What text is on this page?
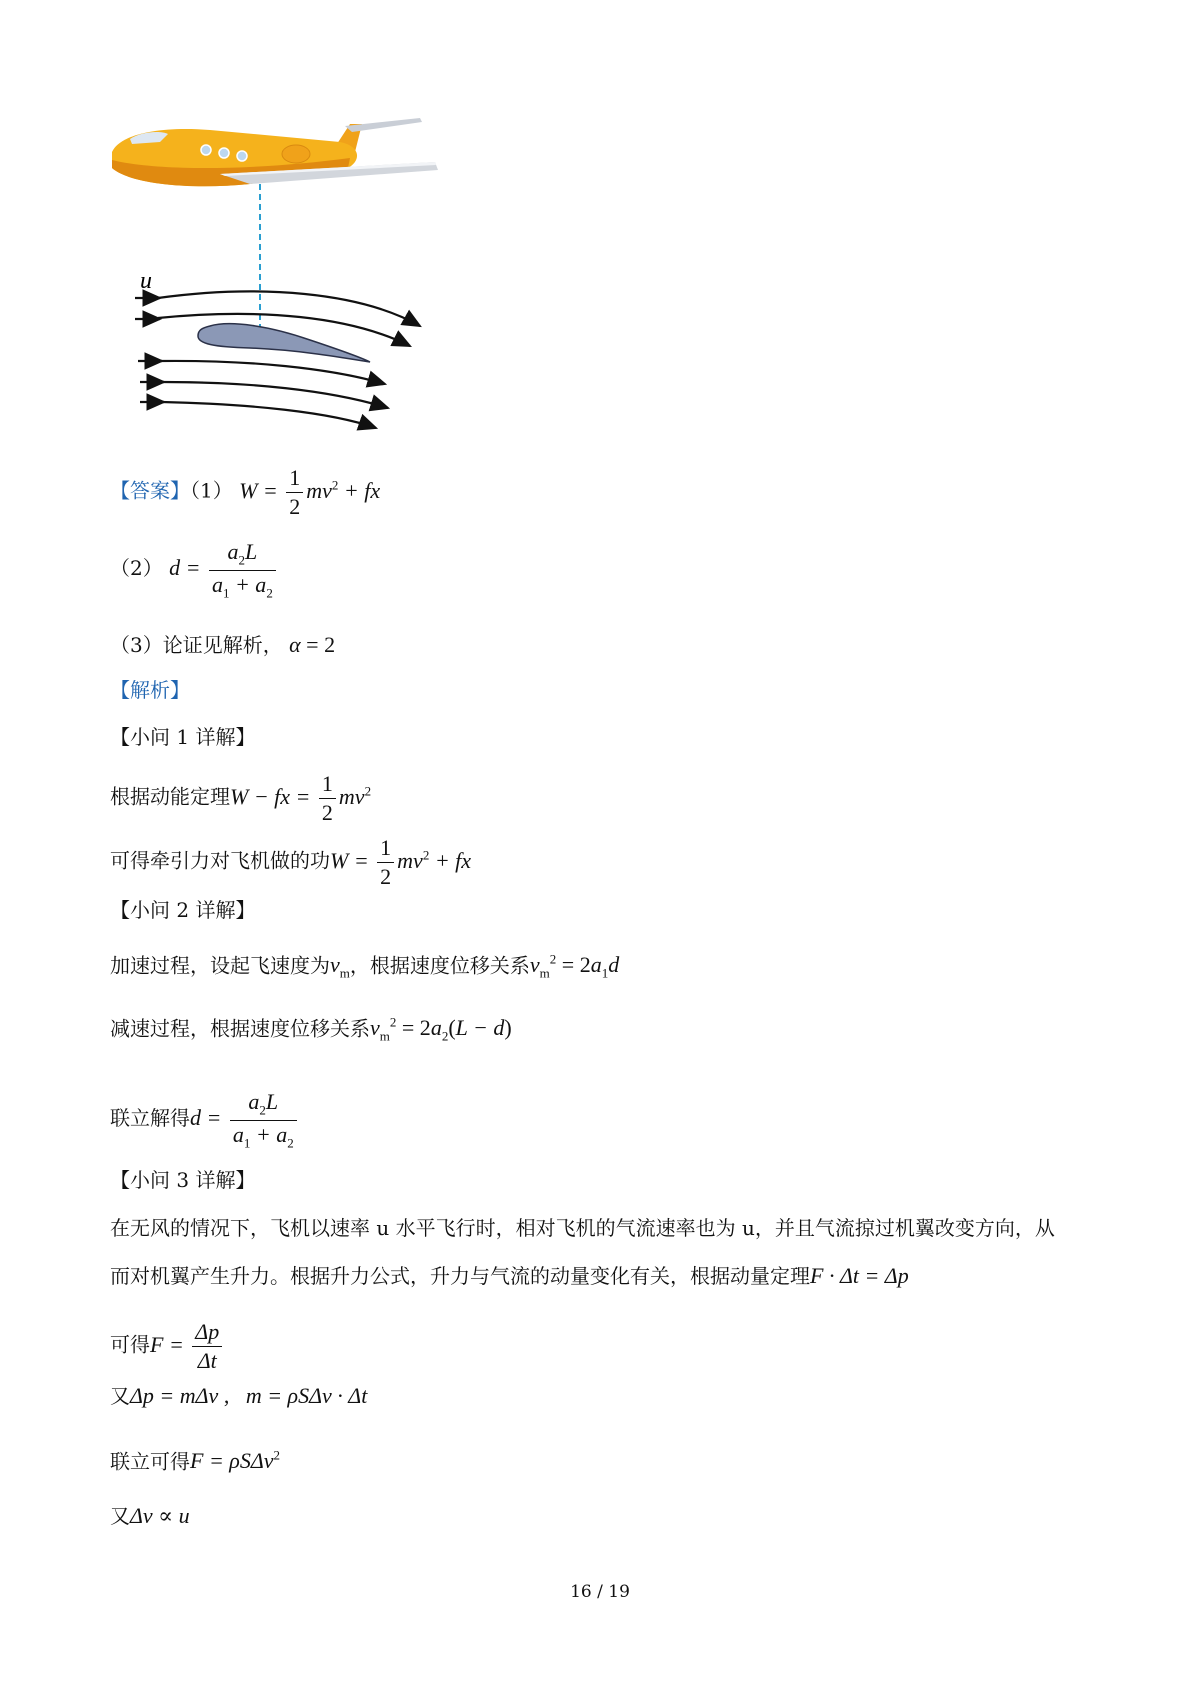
u
【答案】（1） $W = \frac{1}{2} mv^2$ + fx
（2） $d = \frac{a_2L}{a_1 + a_2}$
（3）论证见解析， α = 2
【解析】
【小问 1 详解】
根据动能定理W − fx = $\frac{1}{2} mv^2$
可得牵引力对飞机做的功$W = \frac{1}{2} mv^2$ + fx
【小问 2 详解】
加速过程，设起飞速度为$v_m$，根据速度位移关系$v_m^2 = 2a_1d$
减速过程，根据速度位移关系$v_m^2 = 2a_2(L - d)$
联立解得$d = \frac{a_2L}{a_1 + a_2}$
【小问 3 详解】
在无风的情况下，飞机以速率 u 水平飞行时，相对飞机的气流速率也为 u，并且气流掠过机翼改变方向，从
而对机翼产生升力。根据升力公式，升力与气流的动量变化有关，根据动量定理F · Δt = Δp
可得$F = \frac{\Delta p}{\Delta t}$
又Δp = mΔv ,   m = ρSΔv · Δt
联立可得F = ρSΔv$^2$
又Δv ∝ u
16 / 19
